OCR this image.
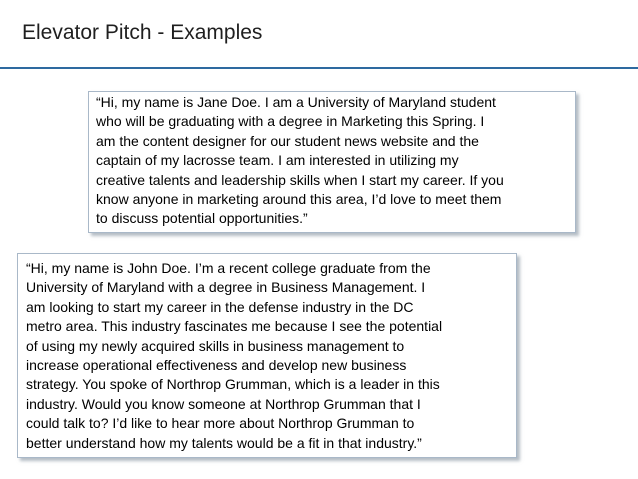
Elevator Pitch - Examples

“Hi, my name is Jane Doe. I am a University of Maryland student
who will be graduating with a degree in Marketing this Spring. I
am the content designer for our student news website and the
captain of my lacrosse team. I am interested in utilizing my
creative talents and leadership skills when I start my career. If you
know anyone in marketing around this area, I’d love to meet them
to discuss potential opportunities.”

“Hi, my name is John Doe. I’m a recent college graduate from the
University of Maryland with a degree in Business Management. I
am looking to start my career in the defense industry in the DC
metro area. This industry fascinates me because I see the potential
of using my newly acquired skills in business management to
increase operational effectiveness and develop new business
strategy. You spoke of Northrop Grumman, which is a leader in this
industry. Would you know someone at Northrop Grumman that I
could talk to? I’d like to hear more about Northrop Grumman to
better understand how my talents would be a fit in that industry.”
